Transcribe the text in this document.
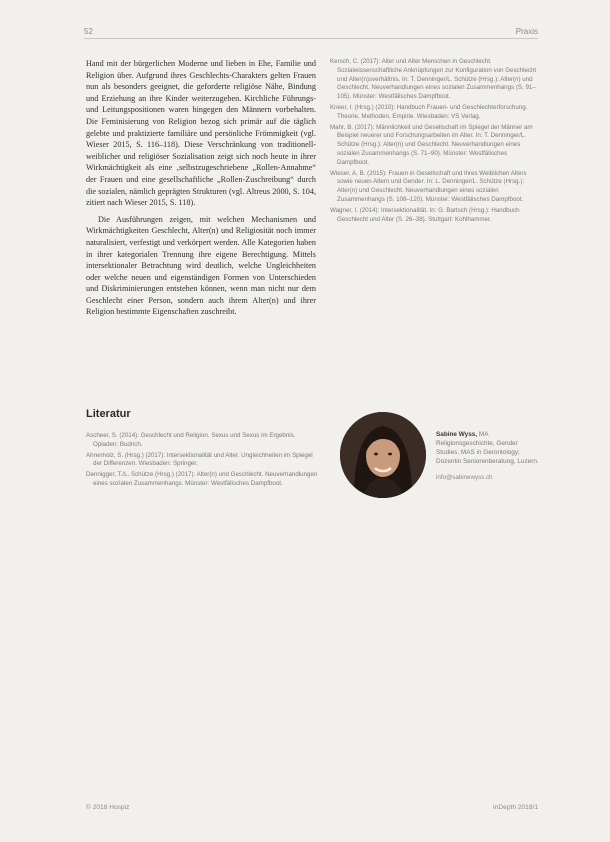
52	Praxis

Hand mit der bürgerlichen Moderne und lieben in Ehe, Familie und Religion über. Aufgrund ihres Geschlechts-Charakters gelten Frauen nun als besonders geeignet, die geforderte religiöse Nähe, Bindung und Erziehung an ihre Kinder weiterzugeben. Kirchliche Führungs- und Leitungspositionen waren hingegen den Männern vorbehalten. Die Feminisierung von Religion bezog sich primär auf die täglich gelebte und praktizierte familiäre und persönliche Frömmigkeit (vgl. Wieser 2015, S. 116–118). Diese Verschränkung von traditionell-weiblicher und religiöser Sozialisation zeigt sich noch heute in ihrer Wirkmächtigkeit als eine ‚selbstzugeschriebene „Rollen-Annahme“ der Frauen und eine gesellschaftliche „Rollen-Zuschreibung“ durch die sozialen, nämlich geprägten Strukturen (vgl. Altreus 2000, S. 104, zitiert nach Wieser 2015, S. 118).

Die Ausführungen zeigen, mit welchen Mechanismen und Wirkmächtigkeiten Geschlecht, Alter(n) und Religiosität noch immer naturalisiert, verfestigt und verkörpert werden. Alle Kategorien haben in ihrer kategorialen Trennung ihre eigene Berechtigung. Mittels intersektionaler Betrachtung wird deutlich, welche Ungleichheiten oder welche neuen und eigenständigen Formen von Unterschieden und Diskriminierungen entstehen können, wenn man nicht nur dem Geschlecht einer Person, sondern auch ihrem Alter(n) und ihrer Religion bestimmte Eigenschaften zuschreibt.

Kersch, C. (2017): Alter und Alter Menschen in Geschlecht. Sozialwissenschaftliche Anknüpfungen zur Konfiguration von Geschlecht und Alter(n)sverhältnis. In: T. Denninger/L. Schütze (Hrsg.): Alter(n) und Geschlecht. Neuverhandlungen eines sozialen Zusammenhangs (S. 91–105). Münster: Westfälisches Dampfboot.
Kneer, I. (Hrsg.) (2010): Handbuch Frauen- und Geschlechterforschung. Theorie, Methoden, Empirie. Wiesbaden: VS Verlag.
Mahr, B. (2017): Männlichkeit und Gesellschaft im Spiegel der Männer am Beispiel neuerer und Forschungsarbeiten im Alter. In: T. Denninger/L. Schütze (Hrsg.): Alter(n) und Geschlecht. Neuverhandlungen eines sozialen Zusammenhangs (S. 71–90). Münster: Westfälisches Dampfboot.
Wieser, A. B. (2015): Frauen in Gesellschaft und ihres Weiblichen Alters sowie neuen Altern und Gender. In: L. Denninger/L. Schütze (Hrsg.): Alter(n) und Geschlecht. Neuverhandlungen eines sozialen Zusammenhangs (S. 108–120). Münster: Westfälisches Dampfboot.
Wagner, I. (2014): Intersektionalität. In: G. Bartsch (Hrsg.): Handbuch Geschlecht und Alter (S. 26–38). Stuttgart: Kohlhammer.
Literatur
Ascheer, S. (2014): Geschlecht und Religion. Sexus und Sexus im Ergebnis. Opladen: Budrich.
Ahrenholz, S. (Hrsg.) (2017): Intersektionalität und Alter. Ungleichheiten im Spiegel der Differenzen. Wiesbaden: Springer.
Dennigger, T./L. Schütze (Hrsg.) (2017): Alter(n) und Geschlecht. Neuverhandlungen eines sozialen Zusammenhangs. Münster: Westfälisches Dampfboot.
Sabine Wyss, MA Religionsgeschichte, Gender Studies; MAS in Gerontology; Dozentin Seniorenberatung, Luzern.
info@sabinewyss.ch
© 2018 Hospiz	InDepth 2018/1
